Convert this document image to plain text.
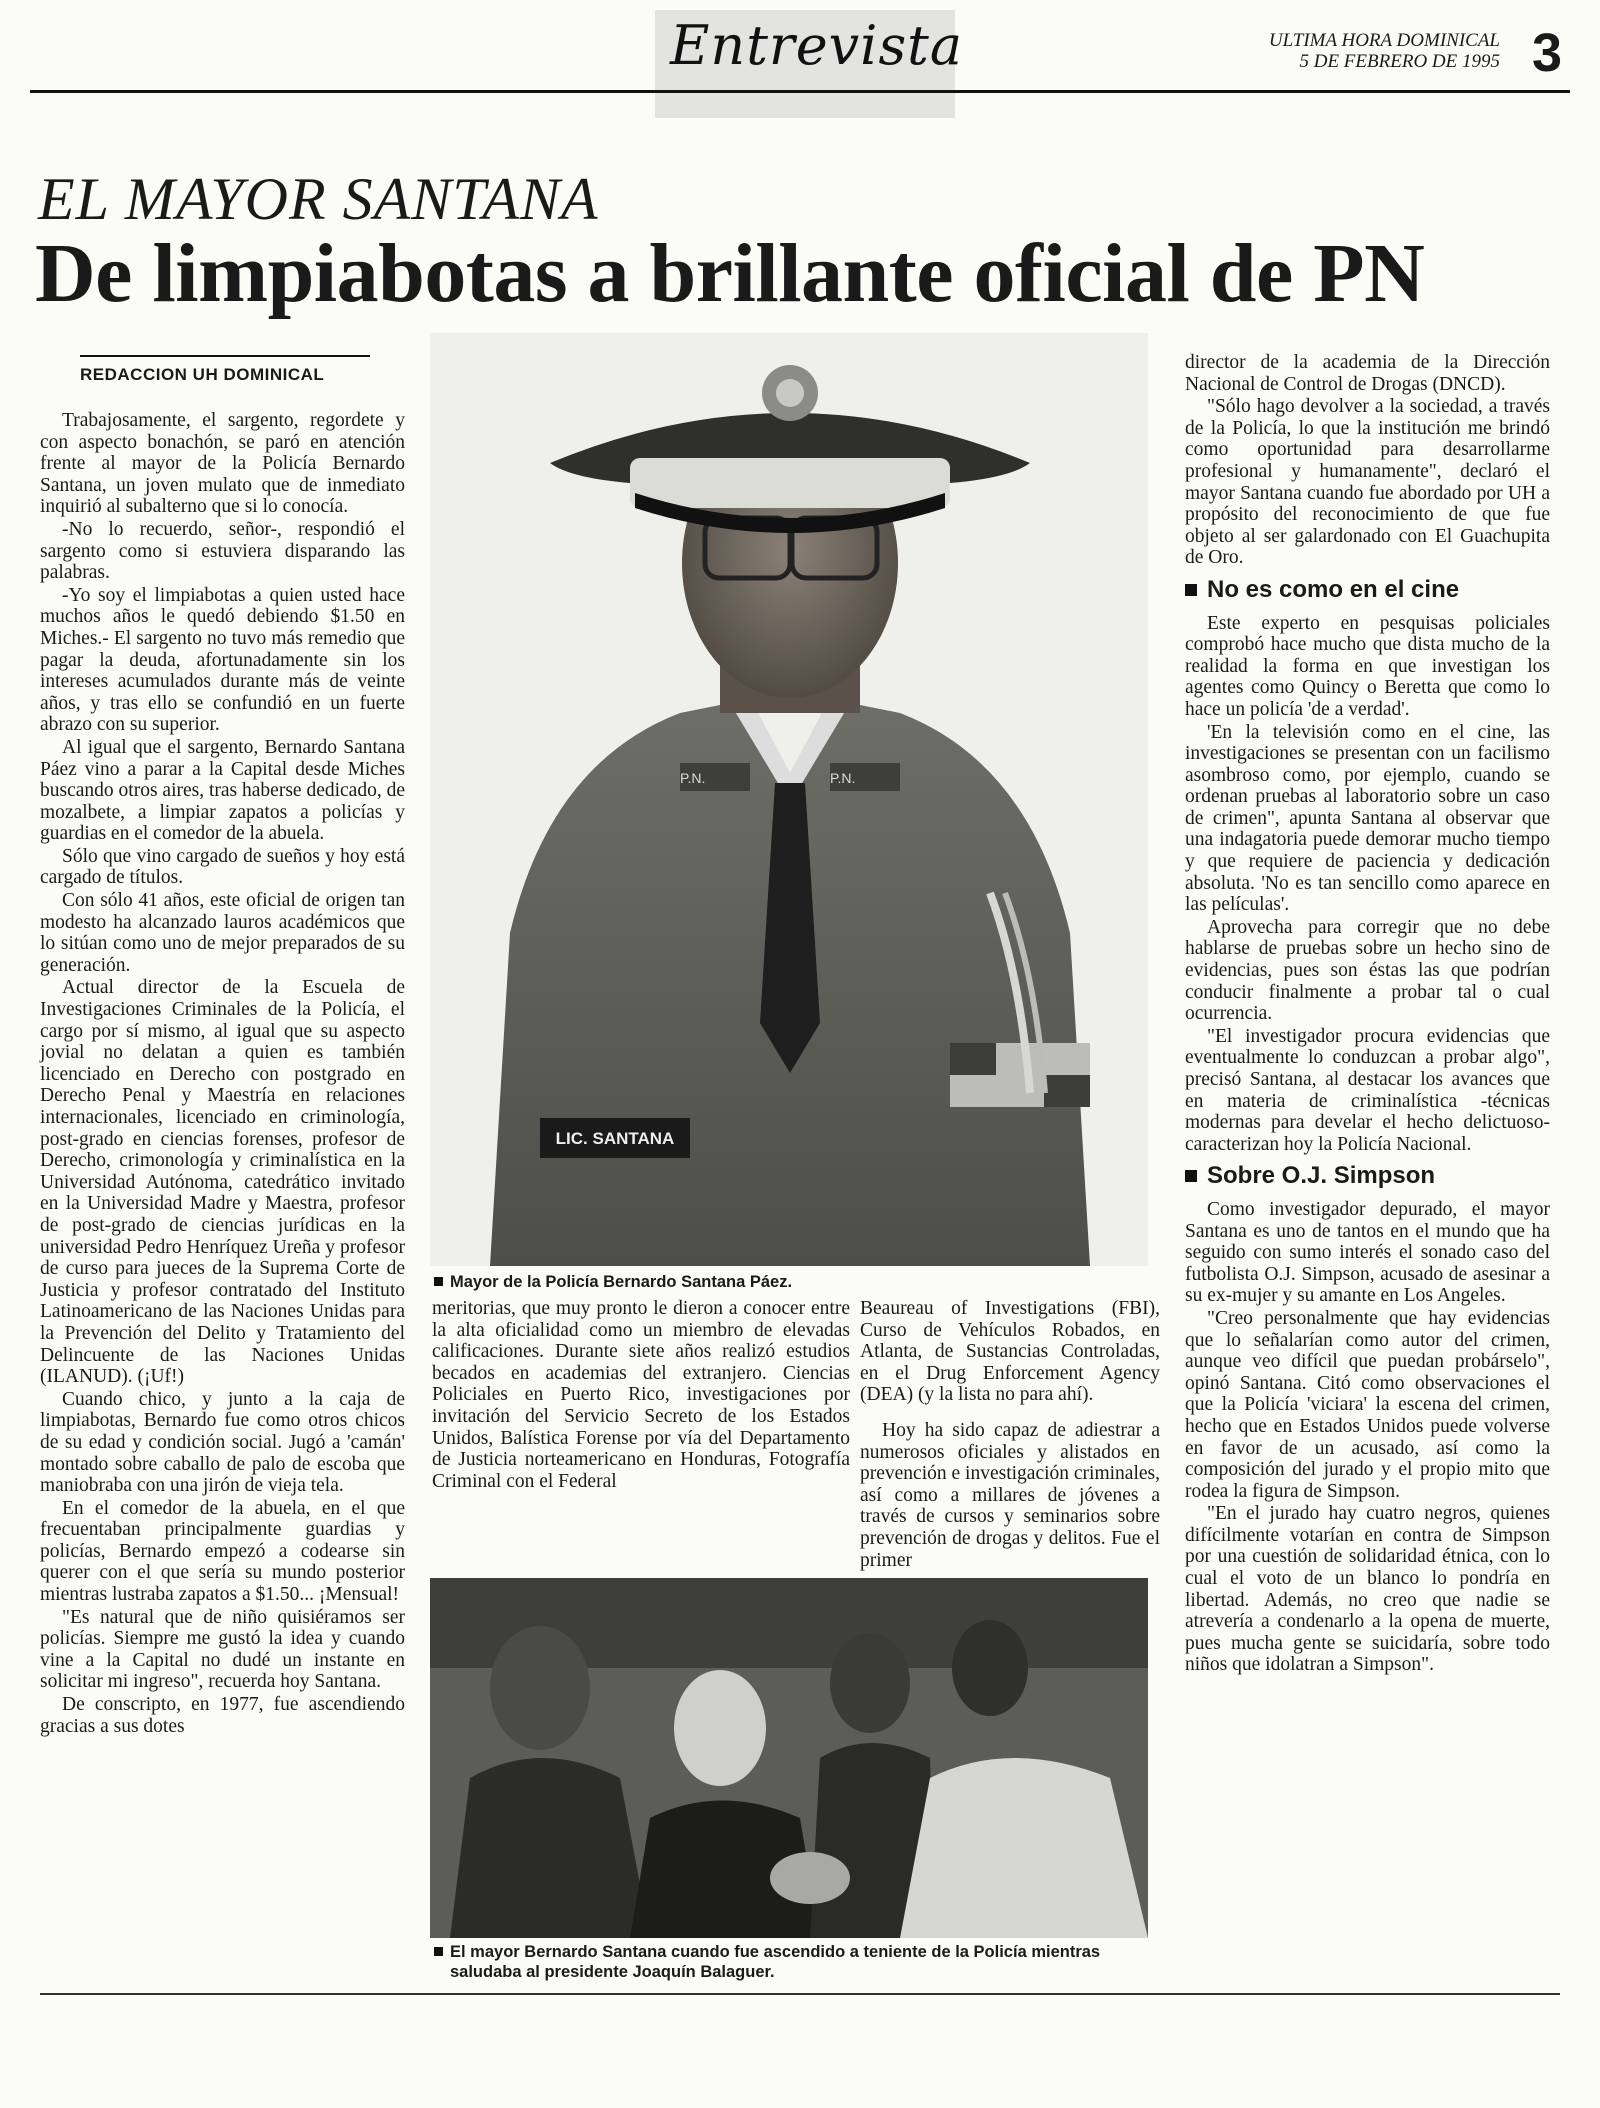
Entrevista	ULTIMA HORA DOMINICAL
5 DE FEBRERO DE 1995 3
EL MAYOR SANTANA
De limpiabotas a brillante oficial de PN
REDACCION UH DOMINICAL

Trabajosamente, el sargento, regordete y con aspecto bonachón, se paró en atención frente al mayor de la Policía Bernardo Santana, un joven mulato que de inmediato inquirió al subalterno que si lo conocía.

-No lo recuerdo, señor-, respondió el sargento como si estuviera disparando las palabras.

-Yo soy el limpiabotas a quien usted hace muchos años le quedó debiendo $1.50 en Miches.- El sargento no tuvo más remedio que pagar la deuda, afortunadamente sin los intereses acumulados durante más de veinte años, y tras ello se confundió en un fuerte abrazo con su superior.

Al igual que el sargento, Bernardo Santana Páez vino a parar a la Capital desde Miches buscando otros aires, tras haberse dedicado, de mozalbete, a limpiar zapatos a policías y guardias en el comedor de la abuela.

Sólo que vino cargado de sueños y hoy está cargado de títulos.

Con sólo 41 años, este oficial de origen tan modesto ha alcanzado lauros académicos que lo sitúan como uno de mejor preparados de su generación.

Actual director de la Escuela de Investigaciones Criminales de la Policía, el cargo por sí mismo, al igual que su aspecto jovial no delatan a quien es también licenciado en Derecho con postgrado en Derecho Penal y Maestría en relaciones internacionales, licenciado en criminología, post-grado en ciencias forenses, profesor de Derecho, crimonología y criminalística en la Universidad Autónoma, catedrático invitado en la Universidad Madre y Maestra, profesor de post-grado de ciencias jurídicas en la universidad Pedro Henríquez Ureña y profesor de curso para jueces de la Suprema Corte de Justicia y profesor contratado del Instituto Latinoamericano de las Naciones Unidas para la Prevención del Delito y Tratamiento del Delincuente de las Naciones Unidas (ILANUD). (¡Uf!)

Cuando chico, y junto a la caja de limpiabotas, Bernardo fue como otros chicos de su edad y condición social. Jugó a 'camán' montado sobre caballo de palo de escoba que maniobraba con una jirón de vieja tela.

En el comedor de la abuela, en el que frecuentaban principalmente guardias y policías, Bernardo empezó a codearse sin querer con el que sería su mundo posterior mientras lustraba zapatos a $1.50... ¡Mensual!

"Es natural que de niño quisiéramos ser policías. Siempre me gustó la idea y cuando vine a la Capital no dudé un instante en solicitar mi ingreso", recuerda hoy Santana.

De conscripto, en 1977, fue ascendiendo gracias a sus dotes

LIC. SANTANA
P.N.	P.N.
Mayor de la Policía Bernardo Santana Páez.

meritorias, que muy pronto le dieron a conocer entre la alta oficialidad como un miembro de elevadas calificaciones. Durante siete años realizó estudios becados en academias del extranjero. Ciencias Policiales en Puerto Rico, investigaciones por invitación del Servicio Secreto de los Estados Unidos, Balística Forense por vía del Departamento de Justicia norteamericano en Honduras, Fotografía Criminal con el Federal

Beaureau of Investigations (FBI), Curso de Vehículos Robados, en Atlanta, de Sustancias Controladas, en el Drug Enforcement Agency (DEA) (y la lista no para ahí).

Hoy ha sido capaz de adiestrar a numerosos oficiales y alistados en prevención e investigación criminales, así como a millares de jóvenes a través de cursos y seminarios sobre prevención de drogas y delitos. Fue el primer

El mayor Bernardo Santana cuando fue ascendido a teniente de la Policía mientras saludaba al presidente Joaquín Balaguer.

director de la academia de la Dirección Nacional de Control de Drogas (DNCD).

"Sólo hago devolver a la sociedad, a través de la Policía, lo que la institución me brindó como oportunidad para desarrollarme profesional y humanamente", declaró el mayor Santana cuando fue abordado por UH a propósito del reconocimiento de que fue objeto al ser galardonado con El Guachupita de Oro.

No es como en el cine

Este experto en pesquisas policiales comprobó hace mucho que dista mucho de la realidad la forma en que investigan los agentes como Quincy o Beretta que como lo hace un policía 'de a verdad'.

'En la televisión como en el cine, las investigaciones se presentan con un facilismo asombroso como, por ejemplo, cuando se ordenan pruebas al laboratorio sobre un caso de crimen", apunta Santana al observar que una indagatoria puede demorar mucho tiempo y que requiere de paciencia y dedicación absoluta. 'No es tan sencillo como aparece en las películas'.

Aprovecha para corregir que no debe hablarse de pruebas sobre un hecho sino de evidencias, pues son éstas las que podrían conducir finalmente a probar tal o cual ocurrencia.

"El investigador procura evidencias que eventualmente lo conduzcan a probar algo", precisó Santana, al destacar los avances que en materia de criminalística -técnicas modernas para develar el hecho delictuoso- caracterizan hoy la Policía Nacional.

Sobre O.J. Simpson

Como investigador depurado, el mayor Santana es uno de tantos en el mundo que ha seguido con sumo interés el sonado caso del futbolista O.J. Simpson, acusado de asesinar a su ex-mujer y su amante en Los Angeles.

"Creo personalmente que hay evidencias que lo señalarían como autor del crimen, aunque veo difícil que puedan probárselo", opinó Santana. Citó como observaciones el que la Policía 'viciara' la escena del crimen, hecho que en Estados Unidos puede volverse en favor de un acusado, así como la composición del jurado y el propio mito que rodea la figura de Simpson.

"En el jurado hay cuatro negros, quienes difícilmente votarían en contra de Simpson por una cuestión de solidaridad étnica, con lo cual el voto de un blanco lo pondría en libertad. Además, no creo que nadie se atrevería a condenarlo a la opena de muerte, pues mucha gente se suicidaría, sobre todo niños que idolatran a Simpson".
